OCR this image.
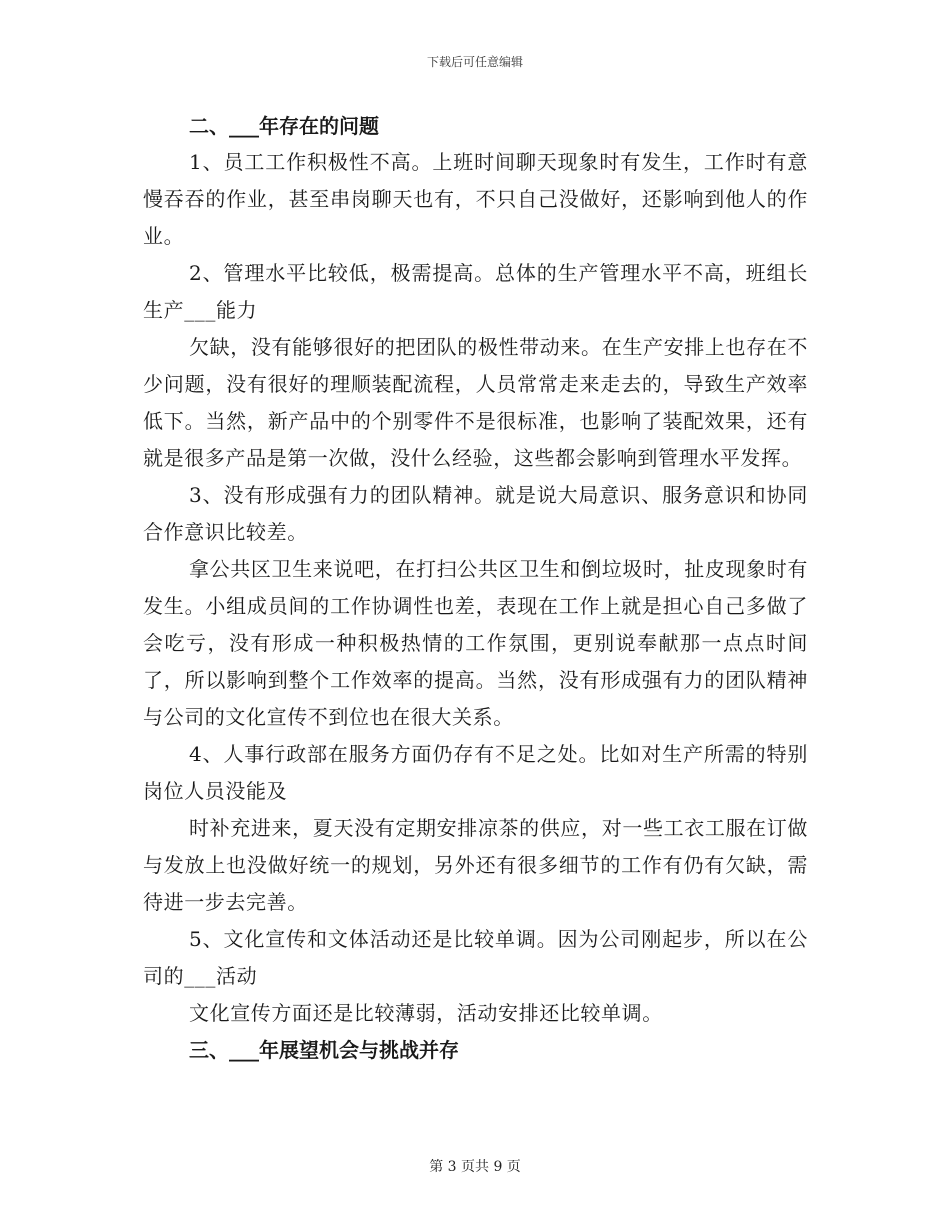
下载后可任意编辑

二、___年存在的问题

1、员工工作积极性不高。上班时间聊天现象时有发生，工作时有意慢吞吞的作业，甚至串岗聊天也有，不只自己没做好，还影响到他人的作业。

2、管理水平比较低，极需提高。总体的生产管理水平不高，班组长生产___能力

欠缺，没有能够很好的把团队的极性带动来。在生产安排上也存在不少问题，没有很好的理顺装配流程，人员常常走来走去的，导致生产效率低下。当然，新产品中的个别零件不是很标准，也影响了装配效果，还有就是很多产品是第一次做，没什么经验，这些都会影响到管理水平发挥。

3、没有形成强有力的团队精神。就是说大局意识、服务意识和协同合作意识比较差。

拿公共区卫生来说吧，在打扫公共区卫生和倒垃圾时，扯皮现象时有发生。小组成员间的工作协调性也差，表现在工作上就是担心自己多做了会吃亏，没有形成一种积极热情的工作氛围，更别说奉献那一点点时间了，所以影响到整个工作效率的提高。当然，没有形成强有力的团队精神与公司的文化宣传不到位也在很大关系。

4、人事行政部在服务方面仍存有不足之处。比如对生产所需的特别岗位人员没能及

时补充进来，夏天没有定期安排凉茶的供应，对一些工衣工服在订做与发放上也没做好统一的规划，另外还有很多细节的工作有仍有欠缺，需待进一步去完善。

5、文化宣传和文体活动还是比较单调。因为公司刚起步，所以在公司的___活动

文化宣传方面还是比较薄弱，活动安排还比较单调。

三、___年展望机会与挑战并存

第 3 页共 9 页
